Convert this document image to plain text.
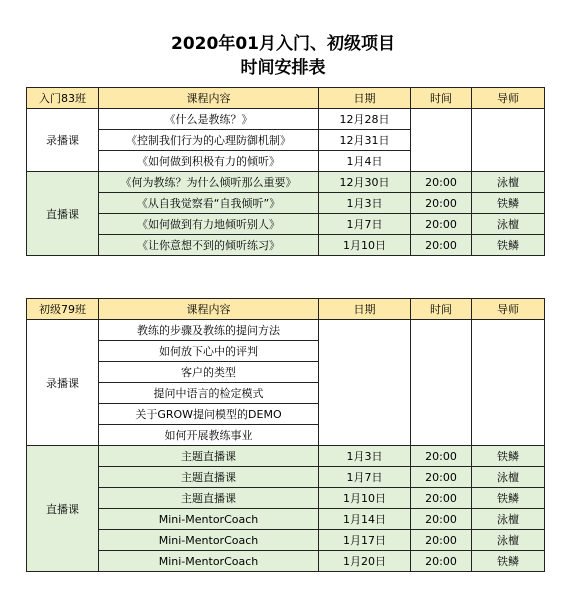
2020年01月入门、初级项目
时间安排表
入门83班	课程内容	日期	时间	导师
录播课	《什么是教练？》	12月28日		
	《控制我们行为的心理防御机制》	12月31日		
	《如何做到积极有力的倾听》	1月4日		
直播课	《何为教练？为什么倾听那么重要》	12月30日	20:00	泳檀
	《从自我觉察看“自我倾听”》	1月3日	20:00	铁鳞
	《如何做到有力地倾听别人》	1月7日	20:00	泳檀
	《让你意想不到的倾听练习》	1月10日	20:00	铁鳞
初级79班	课程内容	日期	时间	导师
录播课	教练的步骤及教练的提问方法			
	如何放下心中的评判			
	客户的类型			
	提问中语言的检定模式			
	关于GROW提问模型的DEMO			
	如何开展教练事业			
直播课	主题直播课	1月3日	20:00	铁鳞
	主题直播课	1月7日	20:00	泳檀
	主题直播课	1月10日	20:00	铁鳞
	Mini-MentorCoach	1月14日	20:00	泳檀
	Mini-MentorCoach	1月17日	20:00	泳檀
	Mini-MentorCoach	1月20日	20:00	铁鳞
